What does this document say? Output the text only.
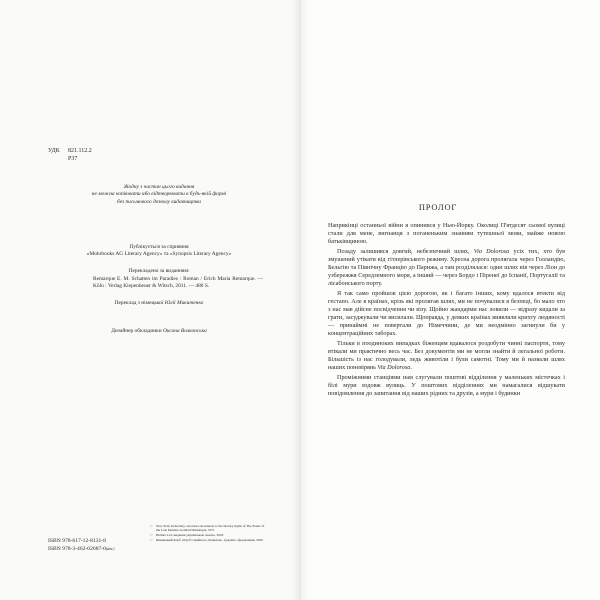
УДК	821.112.2
Р37
Жодну з частин цього видання
не можна копіювати або відтворювати в будь-якій формі
без письмового дозволу видавництва
Публікується за сприяння
«Mohrbooks AG Literary Agency» та «Synopsis Literary Agency»
Перекладено за виданням:
Remarque E. M. Schatten im Paradies : Roman / Erich Maria Remarque. — Köln : Verlag Kiepenheuer & Witsch, 2011. — 480 S.
Переклад з німецької Юлії Микитенко
Дизайнер обкладинки Оксана Волконська
ISBN 978-617-12-8131-8
ISBN 978-3-462-02687-0(нім.)
©	New York University, successor-in-interest to the literary rights of The Estate of the Late Paulette Goddard Remarque, 1971
©	Hemiro Ltd, видання українською мовою, 2020
©	Книжковий Клуб «Клуб Сімейного Дозвілля», художнє оформлення, 2020
ПРОЛОГ

Наприкінці останньої війни я опинився у Нью-Йорку. Околиці П'ятдесят сьомої вулиці стали для мене, вигнанця з поганеньким знанням тутешньої мови, майже новою батьківщиною.

Позаду залишився довгий, небезпечний шлях, Via Dolorosa усіх тих, хто був змушений утікати від гітлерівського режиму. Хресна дорога пролягала через Голландію, Бельгію та Північну Францію до Парижа, а там розділялася: один шлях вів через Ліон до узбережжя Середземного моря, а інший — через Бордо і Піренеї до Іспанії, Португалії та лісабонського порту.

Я так само пройшов цією дорогою, як і багато інших, кому вдалося втекти від гестапо. Але в країнах, крізь які пролягав шлях, ми не почувалися в безпеці, бо мало хто з нас мав дійсне посвідчення чи візу. Щойно жандарми нас ловили — відразу кидали за грати, засуджували чи висилали. Щоправда, у деяких країнах виявляли крихту людяності — принаймні не повертали до Німеччини, де ми неодмінно загинули би у концентраційних таборах.

Тільки в поодиноких випадках біженцям вдавалося роздобути чинні паспорти, тому втікали ми практично весь час. Без документів ми не могли знайти й легальної роботи. Більшість із нас голодували, ледь животіли і були самотні. Тому ми й назвали шлях наших поневірянь Via Dolorosa.

Проміжними станціями нам слугували поштові відділення у маленьких містечках і білі мури вздовж вулиць. У поштових відділеннях ми намагалися відшукати повідомлення до запитання від наших рідних та друзів, а мури і будинки
